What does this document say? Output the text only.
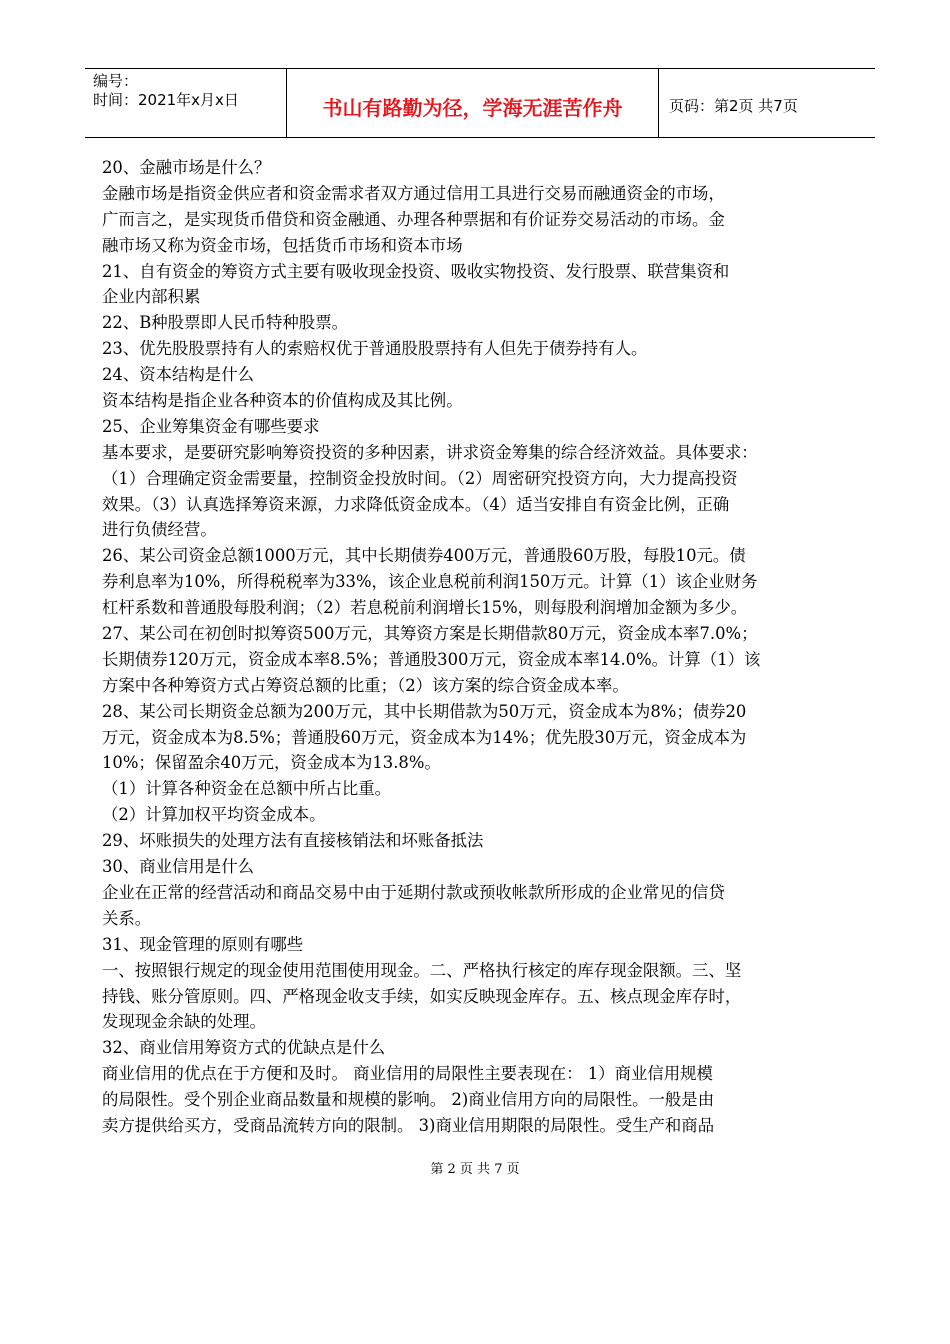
编号：
时间：2021年x月x日	书山有路勤为径，学海无涯苦作舟	页码：第2页 共7页
20、金融市场是什么？
金融市场是指资金供应者和资金需求者双方通过信用工具进行交易而融通资金的市场，
广而言之，是实现货币借贷和资金融通、办理各种票据和有价证券交易活动的市场。金
融市场又称为资金市场，包括货币市场和资本市场
21、自有资金的筹资方式主要有吸收现金投资、吸收实物投资、发行股票、联营集资和
企业内部积累
22、B种股票即人民币特种股票。
23、优先股股票持有人的索赔权优于普通股股票持有人但先于债券持有人。
24、资本结构是什么
资本结构是指企业各种资本的价值构成及其比例。
25、企业筹集资金有哪些要求
基本要求，是要研究影响筹资投资的多种因素，讲求资金筹集的综合经济效益。具体要求：
（1）合理确定资金需要量，控制资金投放时间。（2）周密研究投资方向，大力提高投资
效果。（3）认真选择筹资来源，力求降低资金成本。（4）适当安排自有资金比例，正确
进行负债经营。
26、某公司资金总额1000万元，其中长期债券400万元，普通股60万股，每股10元。债
券利息率为10%，所得税税率为33%，该企业息税前利润150万元。计算（1）该企业财务
杠杆系数和普通股每股利润；（2）若息税前利润增长15%，则每股利润增加金额为多少。
27、某公司在初创时拟筹资500万元，其筹资方案是长期借款80万元，资金成本率7.0%；
长期债券120万元，资金成本率8.5%；普通股300万元，资金成本率14.0%。计算（1）该
方案中各种筹资方式占筹资总额的比重；（2）该方案的综合资金成本率。
28、某公司长期资金总额为200万元，其中长期借款为50万元，资金成本为8%；债券20
万元，资金成本为8.5%；普通股60万元，资金成本为14%；优先股30万元，资金成本为
10%；保留盈余40万元，资金成本为13.8%。
（1）计算各种资金在总额中所占比重。
（2）计算加权平均资金成本。
29、坏账损失的处理方法有直接核销法和坏账备抵法
30、商业信用是什么
企业在正常的经营活动和商品交易中由于延期付款或预收帐款所形成的企业常见的信贷
关系。
31、现金管理的原则有哪些
一、按照银行规定的现金使用范围使用现金。二、严格执行核定的库存现金限额。三、坚
持钱、账分管原则。四、严格现金收支手续，如实反映现金库存。五、核点现金库存时，
发现现金余缺的处理。
32、商业信用筹资方式的优缺点是什么
商业信用的优点在于方便和及时。 商业信用的局限性主要表现在： 1）商业信用规模
的局限性。受个别企业商品数量和规模的影响。 2)商业信用方向的局限性。一般是由
卖方提供给买方，受商品流转方向的限制。 3)商业信用期限的局限性。受生产和商品
第 2 页 共 7 页
